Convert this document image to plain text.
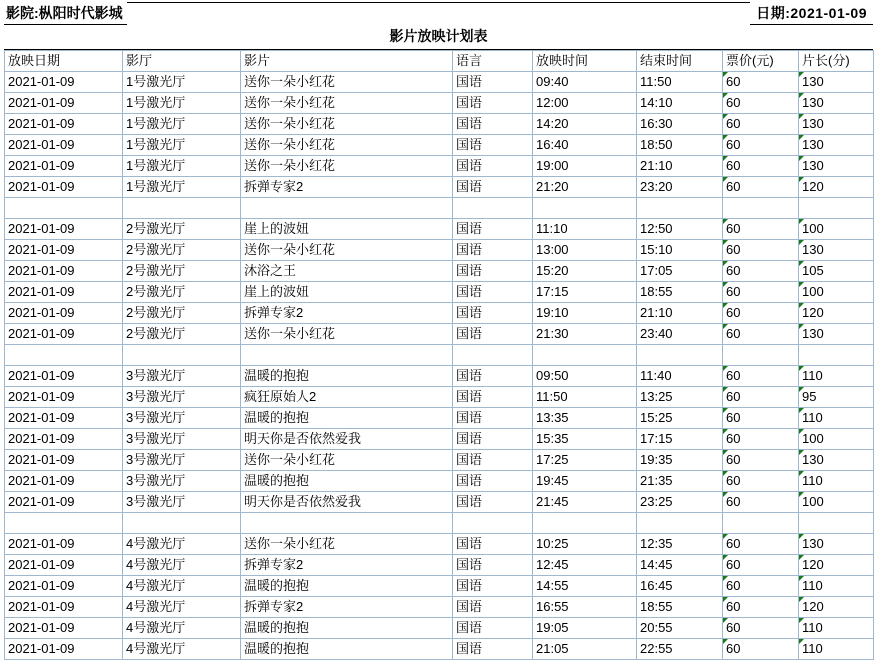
影院:枞阳时代影城	日期:2021-01-09
影片放映计划表
放映日期	影厅	影片	语言	放映时间	结束时间	票价(元)	片长(分)
2021-01-09	1号激光厅	送你一朵小红花	国语	09:40	11:50	60	130
2021-01-09	1号激光厅	送你一朵小红花	国语	12:00	14:10	60	130
2021-01-09	1号激光厅	送你一朵小红花	国语	14:20	16:30	60	130
2021-01-09	1号激光厅	送你一朵小红花	国语	16:40	18:50	60	130
2021-01-09	1号激光厅	送你一朵小红花	国语	19:00	21:10	60	130
2021-01-09	1号激光厅	拆弹专家2	国语	21:20	23:20	60	120

2021-01-09	2号激光厅	崖上的波妞	国语	11:10	12:50	60	100
2021-01-09	2号激光厅	送你一朵小红花	国语	13:00	15:10	60	130
2021-01-09	2号激光厅	沐浴之王	国语	15:20	17:05	60	105
2021-01-09	2号激光厅	崖上的波妞	国语	17:15	18:55	60	100
2021-01-09	2号激光厅	拆弹专家2	国语	19:10	21:10	60	120
2021-01-09	2号激光厅	送你一朵小红花	国语	21:30	23:40	60	130

2021-01-09	3号激光厅	温暖的抱抱	国语	09:50	11:40	60	110
2021-01-09	3号激光厅	疯狂原始人2	国语	11:50	13:25	60	95
2021-01-09	3号激光厅	温暖的抱抱	国语	13:35	15:25	60	110
2021-01-09	3号激光厅	明天你是否依然爱我	国语	15:35	17:15	60	100
2021-01-09	3号激光厅	送你一朵小红花	国语	17:25	19:35	60	130
2021-01-09	3号激光厅	温暖的抱抱	国语	19:45	21:35	60	110
2021-01-09	3号激光厅	明天你是否依然爱我	国语	21:45	23:25	60	100

2021-01-09	4号激光厅	送你一朵小红花	国语	10:25	12:35	60	130
2021-01-09	4号激光厅	拆弹专家2	国语	12:45	14:45	60	120
2021-01-09	4号激光厅	温暖的抱抱	国语	14:55	16:45	60	110
2021-01-09	4号激光厅	拆弹专家2	国语	16:55	18:55	60	120
2021-01-09	4号激光厅	温暖的抱抱	国语	19:05	20:55	60	110
2021-01-09	4号激光厅	温暖的抱抱	国语	21:05	22:55	60	110
